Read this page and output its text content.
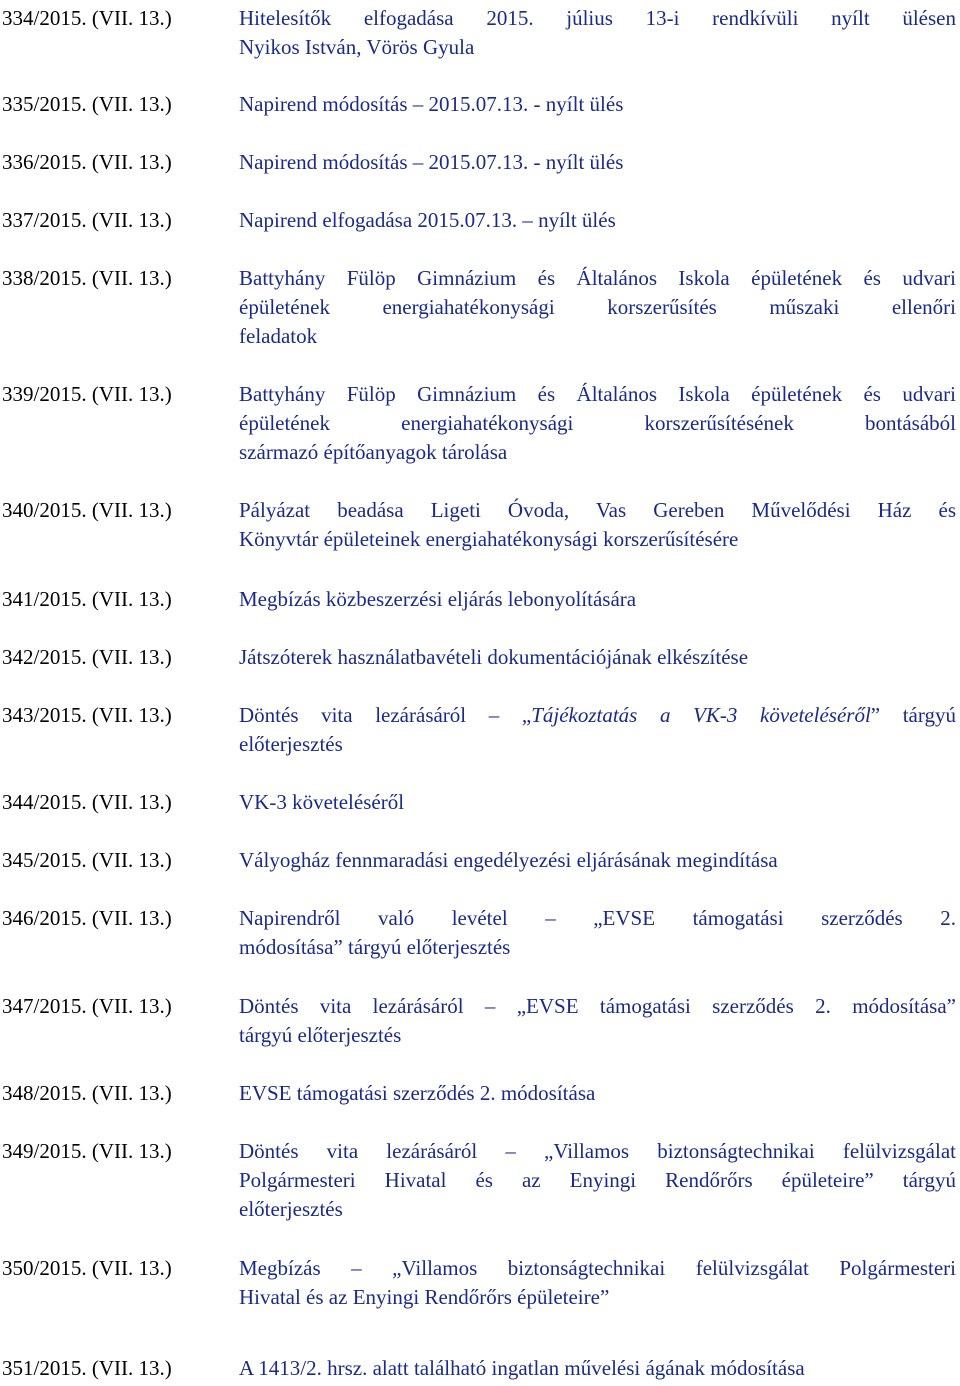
334/2015. (VII. 13.)	Hitelesítők elfogadása 2015. július 13-i rendkívüli nyílt ülésen
Nyikos István, Vörös Gyula
335/2015. (VII. 13.)	Napirend módosítás – 2015.07.13. - nyílt ülés
336/2015. (VII. 13.)	Napirend módosítás – 2015.07.13. - nyílt ülés
337/2015. (VII. 13.)	Napirend elfogadása 2015.07.13. – nyílt ülés
338/2015. (VII. 13.)	Battyhány Fülöp Gimnázium és Általános Iskola épületének és udvari
épületének energiahatékonysági korszerűsítés műszaki ellenőri
feladatok
339/2015. (VII. 13.)	Battyhány Fülöp Gimnázium és Általános Iskola épületének és udvari
épületének energiahatékonysági korszerűsítésének bontásából
származó építőanyagok tárolása
340/2015. (VII. 13.)	Pályázat beadása Ligeti Óvoda, Vas Gereben Művelődési Ház és
Könyvtár épületeinek energiahatékonysági korszerűsítésére
341/2015. (VII. 13.)	Megbízás közbeszerzési eljárás lebonyolítására
342/2015. (VII. 13.)	Játszóterek használatbavételi dokumentációjának elkészítése
343/2015. (VII. 13.)	Döntés vita lezárásáról – „Tájékoztatás a VK-3 követeléséről” tárgyú
előterjesztés
344/2015. (VII. 13.)	VK-3 követeléséről
345/2015. (VII. 13.)	Vályogház fennmaradási engedélyezési eljárásának megindítása
346/2015. (VII. 13.)	Napirendről való levétel – „EVSE támogatási szerződés 2.
módosítása” tárgyú előterjesztés
347/2015. (VII. 13.)	Döntés vita lezárásáról – „EVSE támogatási szerződés 2. módosítása”
tárgyú előterjesztés
348/2015. (VII. 13.)	EVSE támogatási szerződés 2. módosítása
349/2015. (VII. 13.)	Döntés vita lezárásáról – „Villamos biztonságtechnikai felülvizsgálat
Polgármesteri Hivatal és az Enyingi Rendőrőrs épületeire” tárgyú
előterjesztés
350/2015. (VII. 13.)	Megbízás – „Villamos biztonságtechnikai felülvizsgálat Polgármesteri
Hivatal és az Enyingi Rendőrőrs épületeire”
351/2015. (VII. 13.)	A 1413/2. hrsz. alatt található ingatlan művelési ágának módosítása
